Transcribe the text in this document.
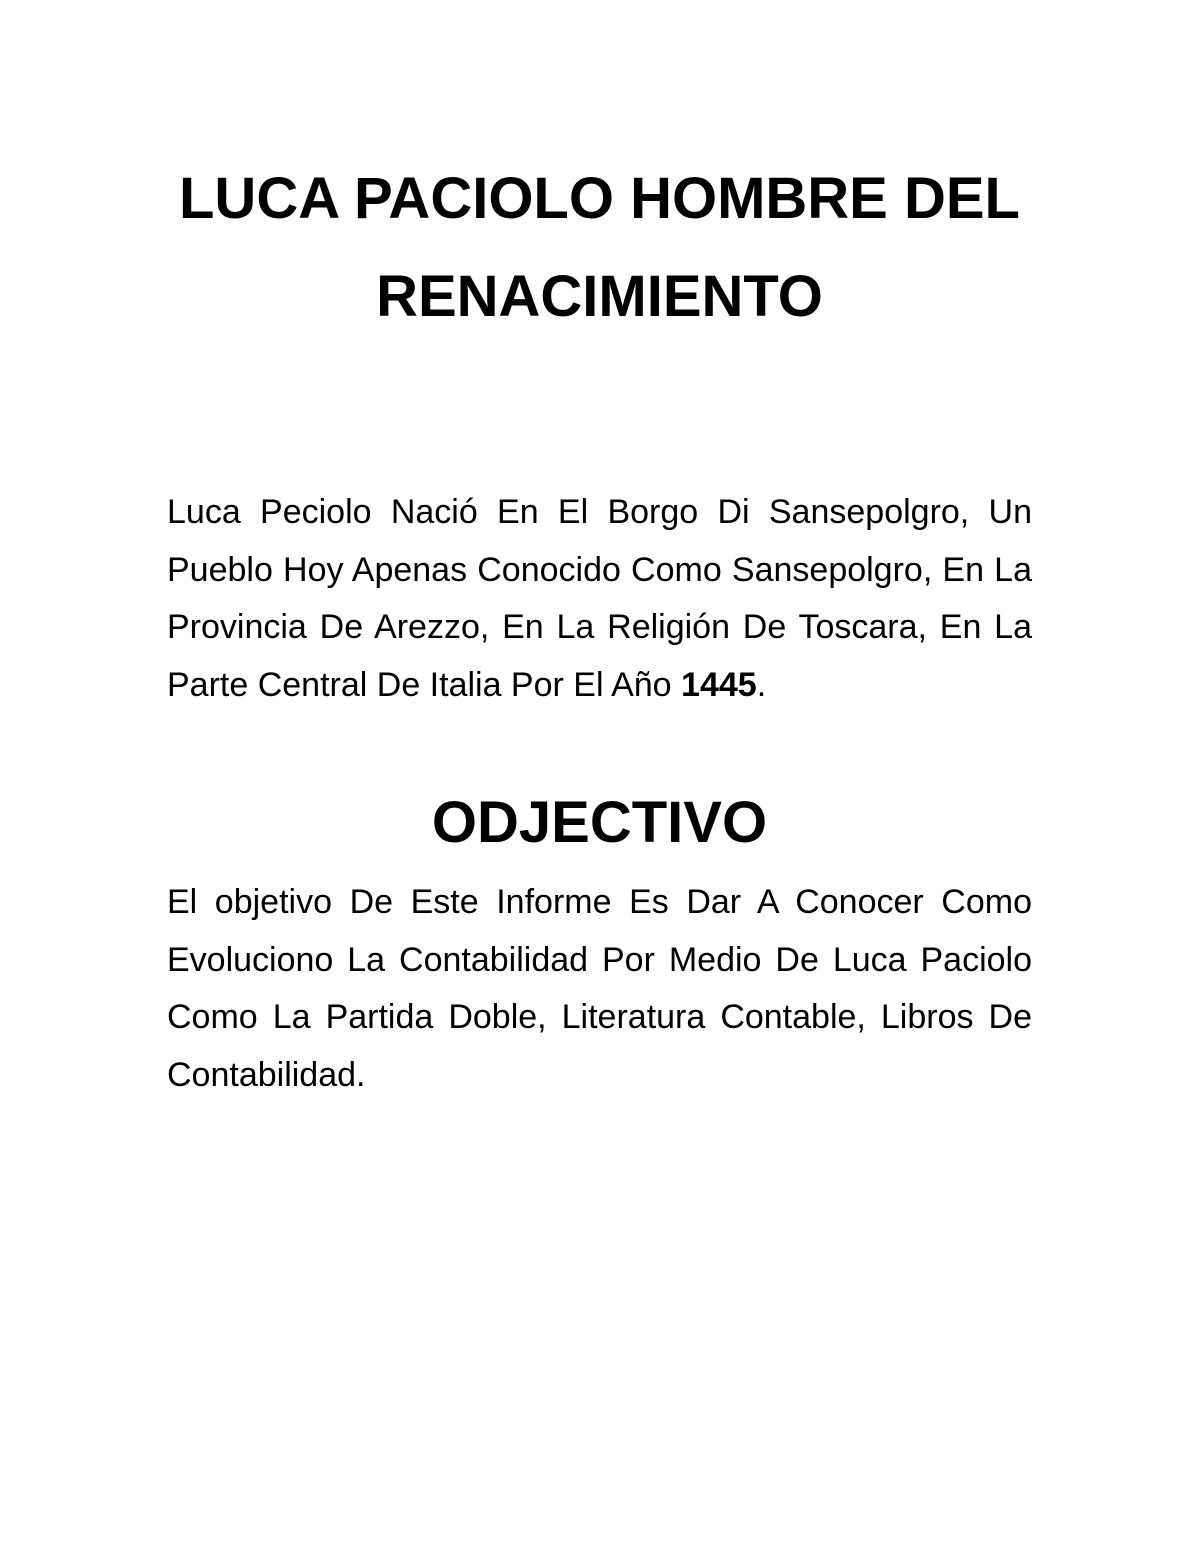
LUCA PACIOLO HOMBRE DEL
RENACIMIENTO

Luca Peciolo Nació En El Borgo Di Sansepolgro, Un Pueblo Hoy Apenas Conocido Como Sansepolgro, En La Provincia De Arezzo, En La Religión De Toscara, En La Parte Central De Italia Por El Año 1445.

ODJECTIVO

El objetivo De Este Informe Es Dar A Conocer Como Evoluciono La Contabilidad Por Medio De Luca Paciolo Como La Partida Doble, Literatura Contable, Libros De Contabilidad.
